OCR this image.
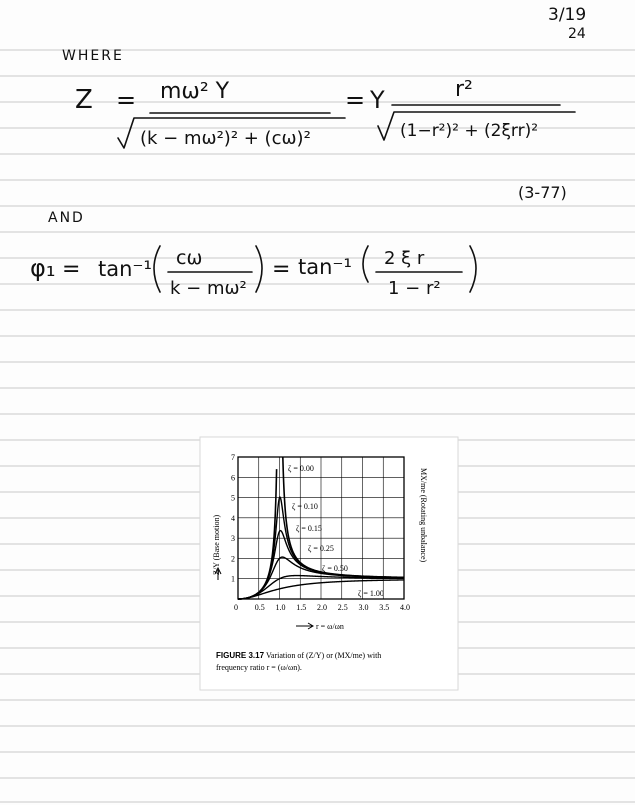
3/19
24
WHERE
Z = mω² Y
(k − mω²)² + (cω)²
= Y	r²
(1−r²)² + (2ξrr)²
(3-77)
AND
φ₁ = tan⁻¹ cω
k − mω²
= tan⁻¹ 2 ξ r
1 − r²
0 0.5 1.0 1.5 2.0 2.5 3.0 3.5 4.0
1
2
3
4
5
6
7
ζ = 0.00
ζ = 0.10
ζ = 0.15
ζ = 0.25
ζ = 0.50
ζ = 1.00
Z/Y (Base motion)	MX/me (Rotating unbalance)
r = ω/ωn
FIGURE 3.17 Variation of (Z/Y) or (MX/me) with
frequency ratio r = (ω/ωn).
